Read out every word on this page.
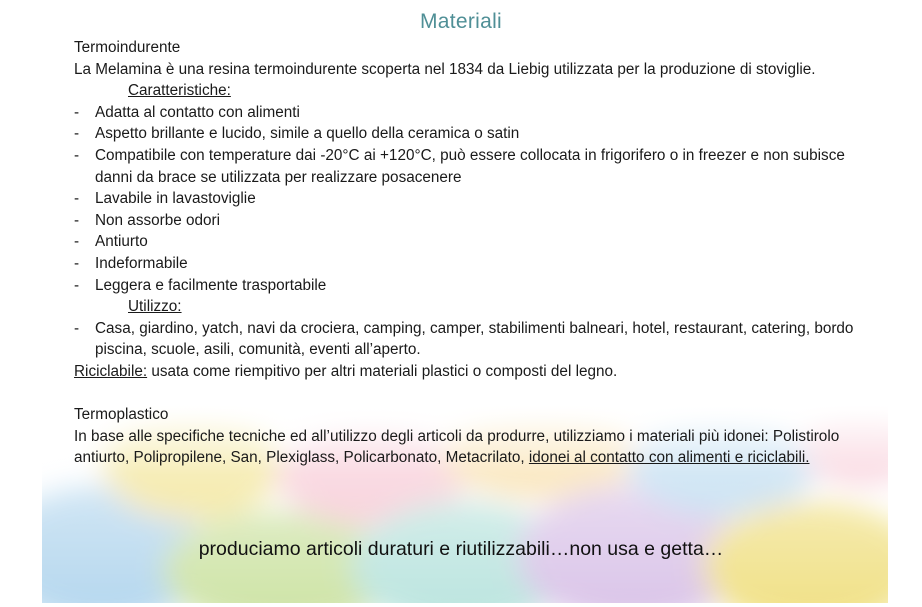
Materiali

Termoindurente

La Melamina è una resina termoindurente scoperta nel 1834 da Liebig utilizzata per la produzione di stoviglie.

Caratteristiche:

- Adatta al contatto con alimenti
- Aspetto brillante e lucido, simile a quello della ceramica o satin
- Compatibile con temperature dai -20°C ai +120°C, può essere collocata in frigorifero o in freezer e non subisce danni da brace se utilizzata per realizzare posacenere
- Lavabile in lavastoviglie
- Non assorbe odori
- Antiurto
- Indeformabile
- Leggera e facilmente trasportabile

Utilizzo:

- Casa, giardino, yatch, navi da crociera, camping, camper, stabilimenti balneari, hotel, restaurant, catering, bordo piscina, scuole, asili, comunità, eventi all’aperto.

Riciclabile: usata come riempitivo per altri materiali plastici o composti del legno.

Termoplastico

In base alle specifiche tecniche ed all’utilizzo degli articoli da produrre, utilizziamo i materiali più idonei: Polistirolo antiurto, Polipropilene, San, Plexiglass, Policarbonato, Metacrilato, idonei al contatto con alimenti e riciclabili.

produciamo articoli duraturi e riutilizzabili…non usa e getta…
